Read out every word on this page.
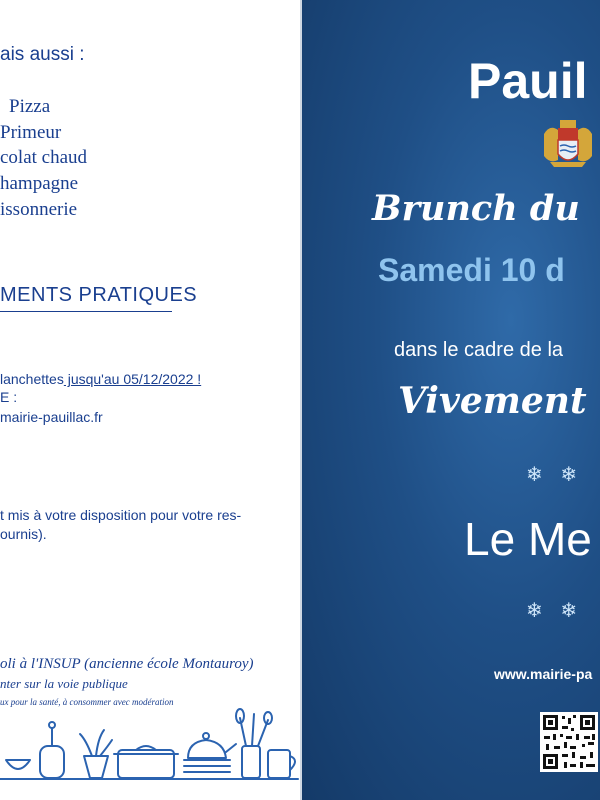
ais aussi :
Pizza
Primeur
colat chaud
hampagne
issonnerie
MENTS PRATIQUES
lanchettes jusqu'au 05/12/2022 !
E :
mairie-pauillac.fr
t mis à votre disposition pour votre res-
ournis).
oli à l'INSUP (ancienne école Montauroy)
nter sur la voie publique
ux pour la santé, à consommer avec modération
Pauil
Brunch du
Samedi 10 d
dans le cadre de la
Vivement
❄ ❄
Le Me
❄ ❄
www.mairie-pa
